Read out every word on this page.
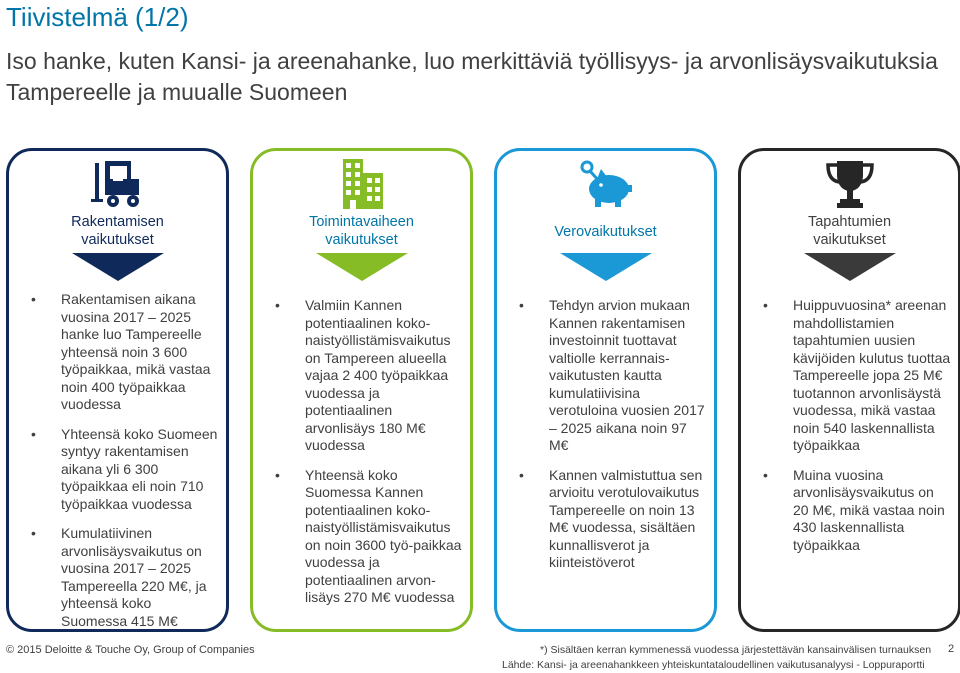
Tiivistelmä (1/2)
Iso hanke, kuten Kansi- ja areenahanke, luo merkittäviä työllisyys- ja arvonlisäysvaikutuksia Tampereelle ja muualle Suomeen
Rakentamisen
vaikutukset
• Rakentamisen aikana vuosina 2017 – 2025 hanke luo Tampereelle yhteensä noin 3 600 työpaikkaa, mikä vastaa noin 400 työpaikkaa vuodessa
• Yhteensä koko Suomeen syntyy rakentamisen aikana yli 6 300 työpaikkaa eli noin 710 työpaikkaa vuodessa
• Kumulatiivinen arvonlisäysvaikutus on vuosina 2017 – 2025 Tampereella 220 M€, ja yhteensä koko Suomessa 415 M€
Toimintavaiheen
vaikutukset
• Valmiin Kannen potentiaalinen koko-naistyöllistämisvaikutus on Tampereen alueella vajaa 2 400 työpaikkaa vuodessa ja potentiaalinen arvonlisäys 180 M€ vuodessa
• Yhteensä koko Suomessa Kannen potentiaalinen koko-naistyöllistämisvaikutus on noin 3600 työ-paikkaa vuodessa ja potentiaalinen arvon-lisäys 270 M€ vuodessa
Verovaikutukset
• Tehdyn arvion mukaan Kannen rakentamisen investoinnit tuottavat valtiolle kerrannais-vaikutusten kautta kumulatiivisina verotuloina vuosien 2017 – 2025 aikana noin 97 M€
• Kannen valmistuttua sen arvioitu verotulovaikutus Tampereelle on noin 13 M€ vuodessa, sisältäen kunnallisverot ja kiinteistöverot
Tapahtumien
vaikutukset
• Huippuvuosina* areenan mahdollistamien tapahtumien uusien kävijöiden kulutus tuottaa Tampereelle jopa 25 M€ tuotannon arvonlisäystä vuodessa, mikä vastaa noin 540 laskennallista työpaikkaa
• Muina vuosina arvonlisäysvaikutus on 20 M€, mikä vastaa noin 430 laskennallista työpaikkaa
© 2015 Deloitte & Touche Oy, Group of Companies	*) Sisältäen kerran kymmenessä vuodessa järjestettävän kansainvälisen turnauksen 2
Lähde: Kansi- ja areenahankkeen yhteiskuntataloudellinen vaikutusanalyysi - Loppuraportti
